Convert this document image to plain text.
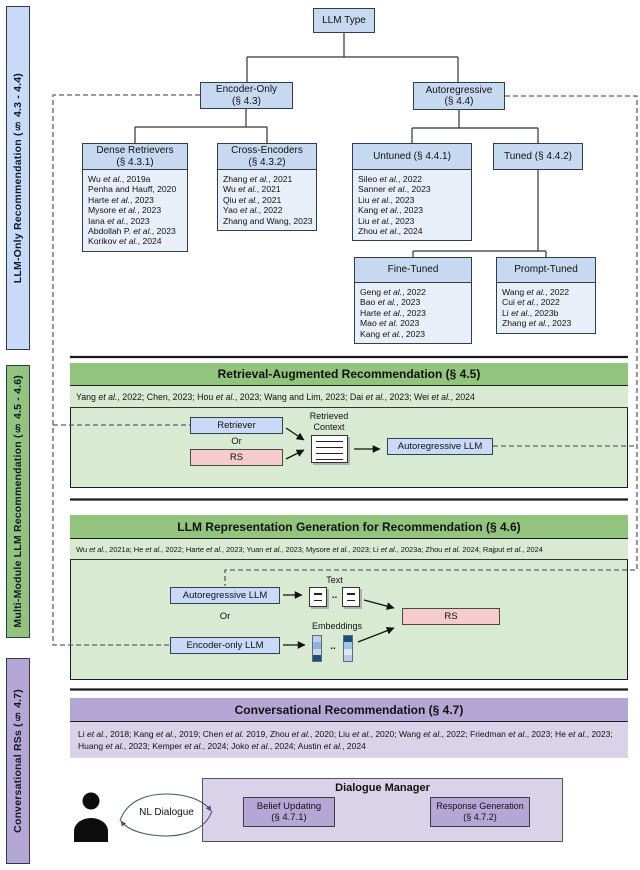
LLM-Only Recommendation (§ 4.3 - 4.4)
Multi-Module LLM Recommendation (§ 4.5 - 4.6)
Conversational RSs (§ 4.7)
LLM Type
Encoder-Only
(§ 4.3)
Autoregressive
(§ 4.4)
Dense Retrievers
(§ 4.3.1)
Wu et al., 2019a
Penha and Hauff, 2020
Harte et al., 2023
Mysore et al., 2023
Iana et al., 2023
Abdollah P. et al., 2023
Korikov et al., 2024
Cross-Encoders
(§ 4.3.2)
Zhang et al., 2021
Wu et al., 2021
Qiu et al., 2021
Yao et al., 2022
Zhang and Wang, 2023
Untuned (§ 4.4.1)
Sileo et al., 2022
Sanner et al., 2023
Liu et al., 2023
Kang et al., 2023
Liu et al., 2023
Zhou et al., 2024
Tuned (§ 4.4.2)
Fine-Tuned
Geng et al., 2022
Bao et al., 2023
Harte et al., 2023
Mao et al. 2023
Kang et al., 2023
Prompt-Tuned
Wang et al., 2022
Cui et al., 2022
Li et al., 2023b
Zhang et al., 2023
Retrieval-Augmented Recommendation (§ 4.5)
Yang et al., 2022; Chen, 2023; Hou et al., 2023; Wang and Lim, 2023; Dai et al., 2023; Wei et al., 2024
Retriever
Or
RS
Retrieved
Context
Autoregressive LLM
LLM Representation Generation for Recommendation (§ 4.6)
Wu et al., 2021a; He et al., 2022; Harte et al., 2023; Yuan et al., 2023; Mysore et al., 2023; Li et al., 2023a; Zhou et al. 2024; Rajput et al., 2024
Autoregressive LLM
Or
Encoder-only LLM
Text
..
RS
Embeddings
..
Conversational Recommendation (§ 4.7)
Li et al., 2018; Kang et al., 2019; Chen et al. 2019, Zhou et al., 2020; Liu et al., 2020; Wang et al., 2022; Friedman et al., 2023; He et al., 2023; Huang et al., 2023; Kemper et al., 2024; Joko et al., 2024; Austin et al., 2024
NL Dialogue
Dialogue Manager
Belief Updating
(§ 4.7.1)
Response Generation
(§ 4.7.2)
